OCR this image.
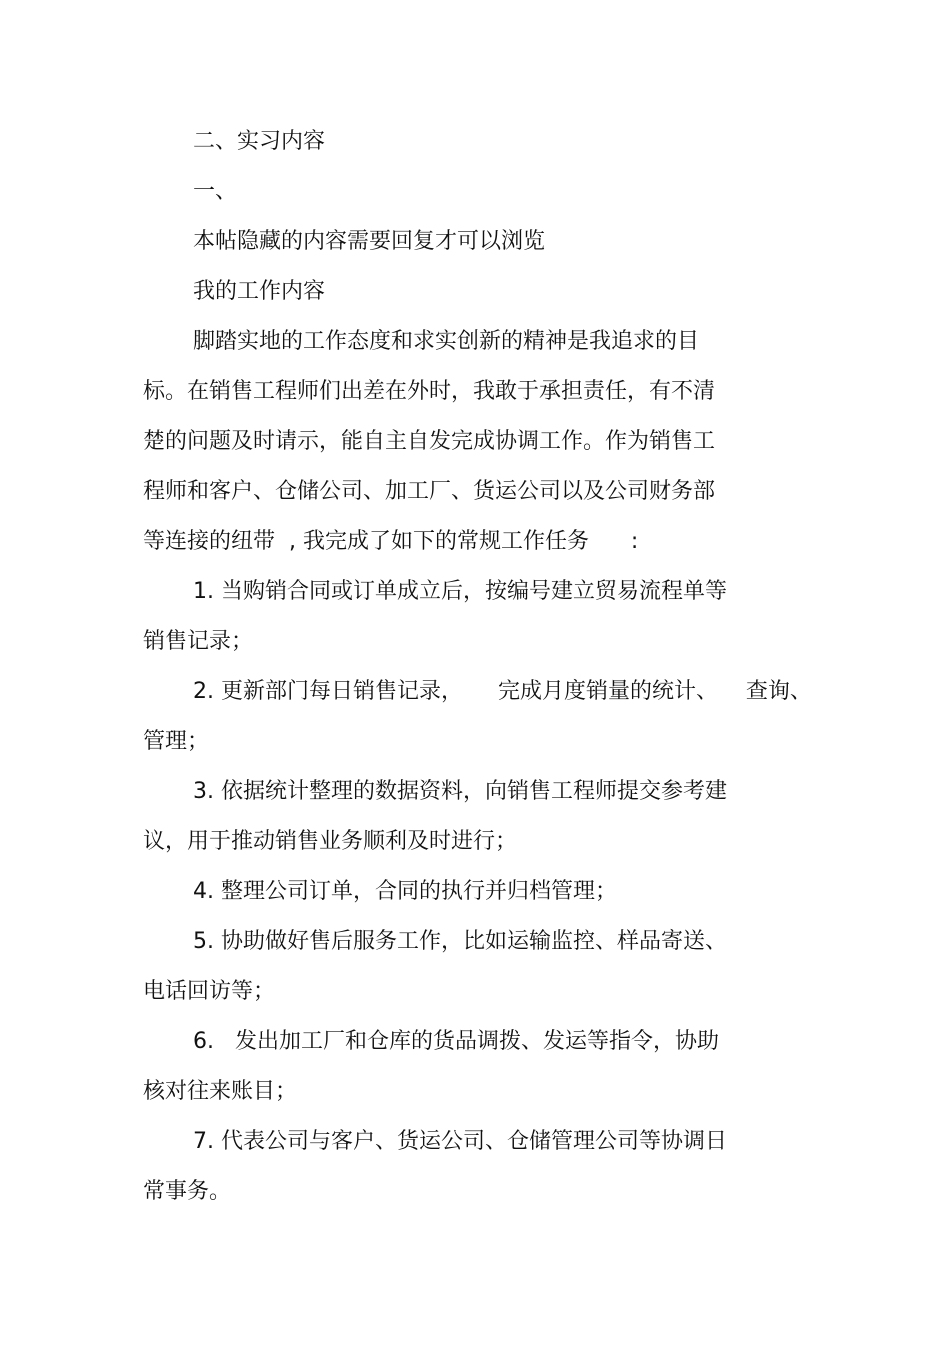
二、实习内容
一、
本帖隐藏的内容需要回复才可以浏览
我的工作内容
脚踏实地的工作态度和求实创新的精神是我追求的目
标。在销售工程师们出差在外时，我敢于承担责任，有不清
楚的问题及时请示，能自主自发完成协调工作。作为销售工
程师和客户、仓储公司、加工厂、货运公司以及公司财务部
等连接的纽带  , 我完成了如下的常规工作任务      :
1. 当购销合同或订单成立后，按编号建立贸易流程单等
销售记录；
2. 更新部门每日销售记录，     完成月度销量的统计、    查询、
管理；
3. 依据统计整理的数据资料，向销售工程师提交参考建
议，用于推动销售业务顺利及时进行；
4. 整理公司订单，合同的执行并归档管理；
5. 协助做好售后服务工作，比如运输监控、样品寄送、
电话回访等；
6.   发出加工厂和仓库的货品调拨、发运等指令，协助
核对往来账目；
7. 代表公司与客户、货运公司、仓储管理公司等协调日
常事务。
